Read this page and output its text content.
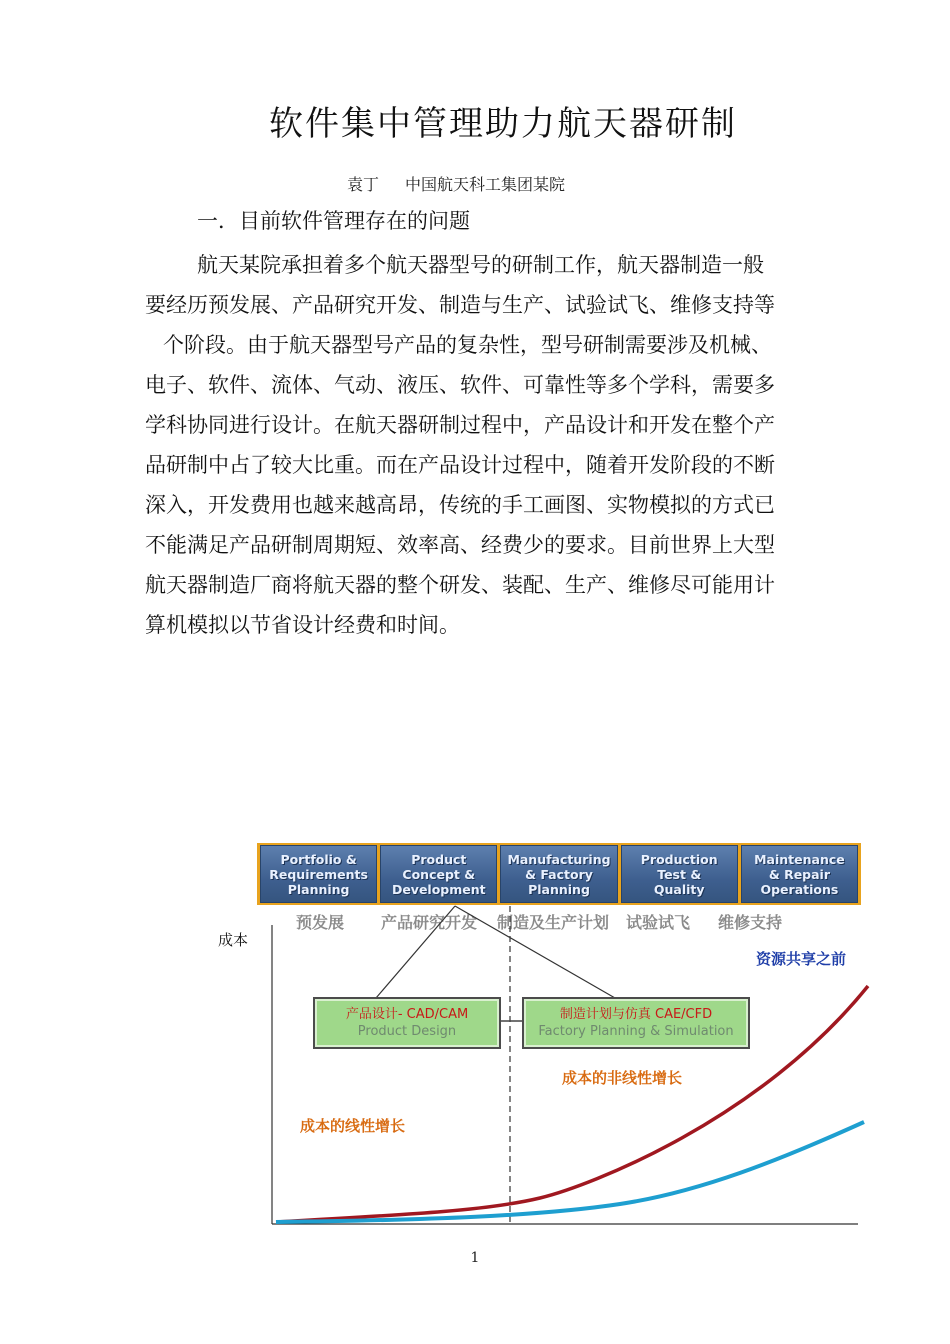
软件集中管理助力航天器研制
袁丁 中国航天科工集团某院
一．目前软件管理存在的问题
航天某院承担着多个航天器型号的研制工作，航天器制造一般
要经历预发展、产品研究开发、制造与生产、试验试飞、维修支持等
个阶段。由于航天器型号产品的复杂性，型号研制需要涉及机械、
电子、软件、流体、气动、液压、软件、可靠性等多个学科，需要多
学科协同进行设计。在航天器研制过程中，产品设计和开发在整个产
品研制中占了较大比重。而在产品设计过程中，随着开发阶段的不断
深入，开发费用也越来越高昂，传统的手工画图、实物模拟的方式已
不能满足产品研制周期短、效率高、经费少的要求。目前世界上大型
航天器制造厂商将航天器的整个研发、装配、生产、维修尽可能用计
算机模拟以节省设计经费和时间。
Portfolio &
Requirements
Planning
Product
Concept &
Development
Manufacturing
& Factory
Planning
Production
Test &
Quality
Maintenance
& Repair
Operations
预发展 产品研究开发 制造及生产计划 试验试飞 维修支持
成本
资源共享之前
产品设计- CAD/CAM
Product Design
制造计划与仿真 CAE/CFD
Factory Planning & Simulation
成本的非线性增长
成本的线性增长
1
